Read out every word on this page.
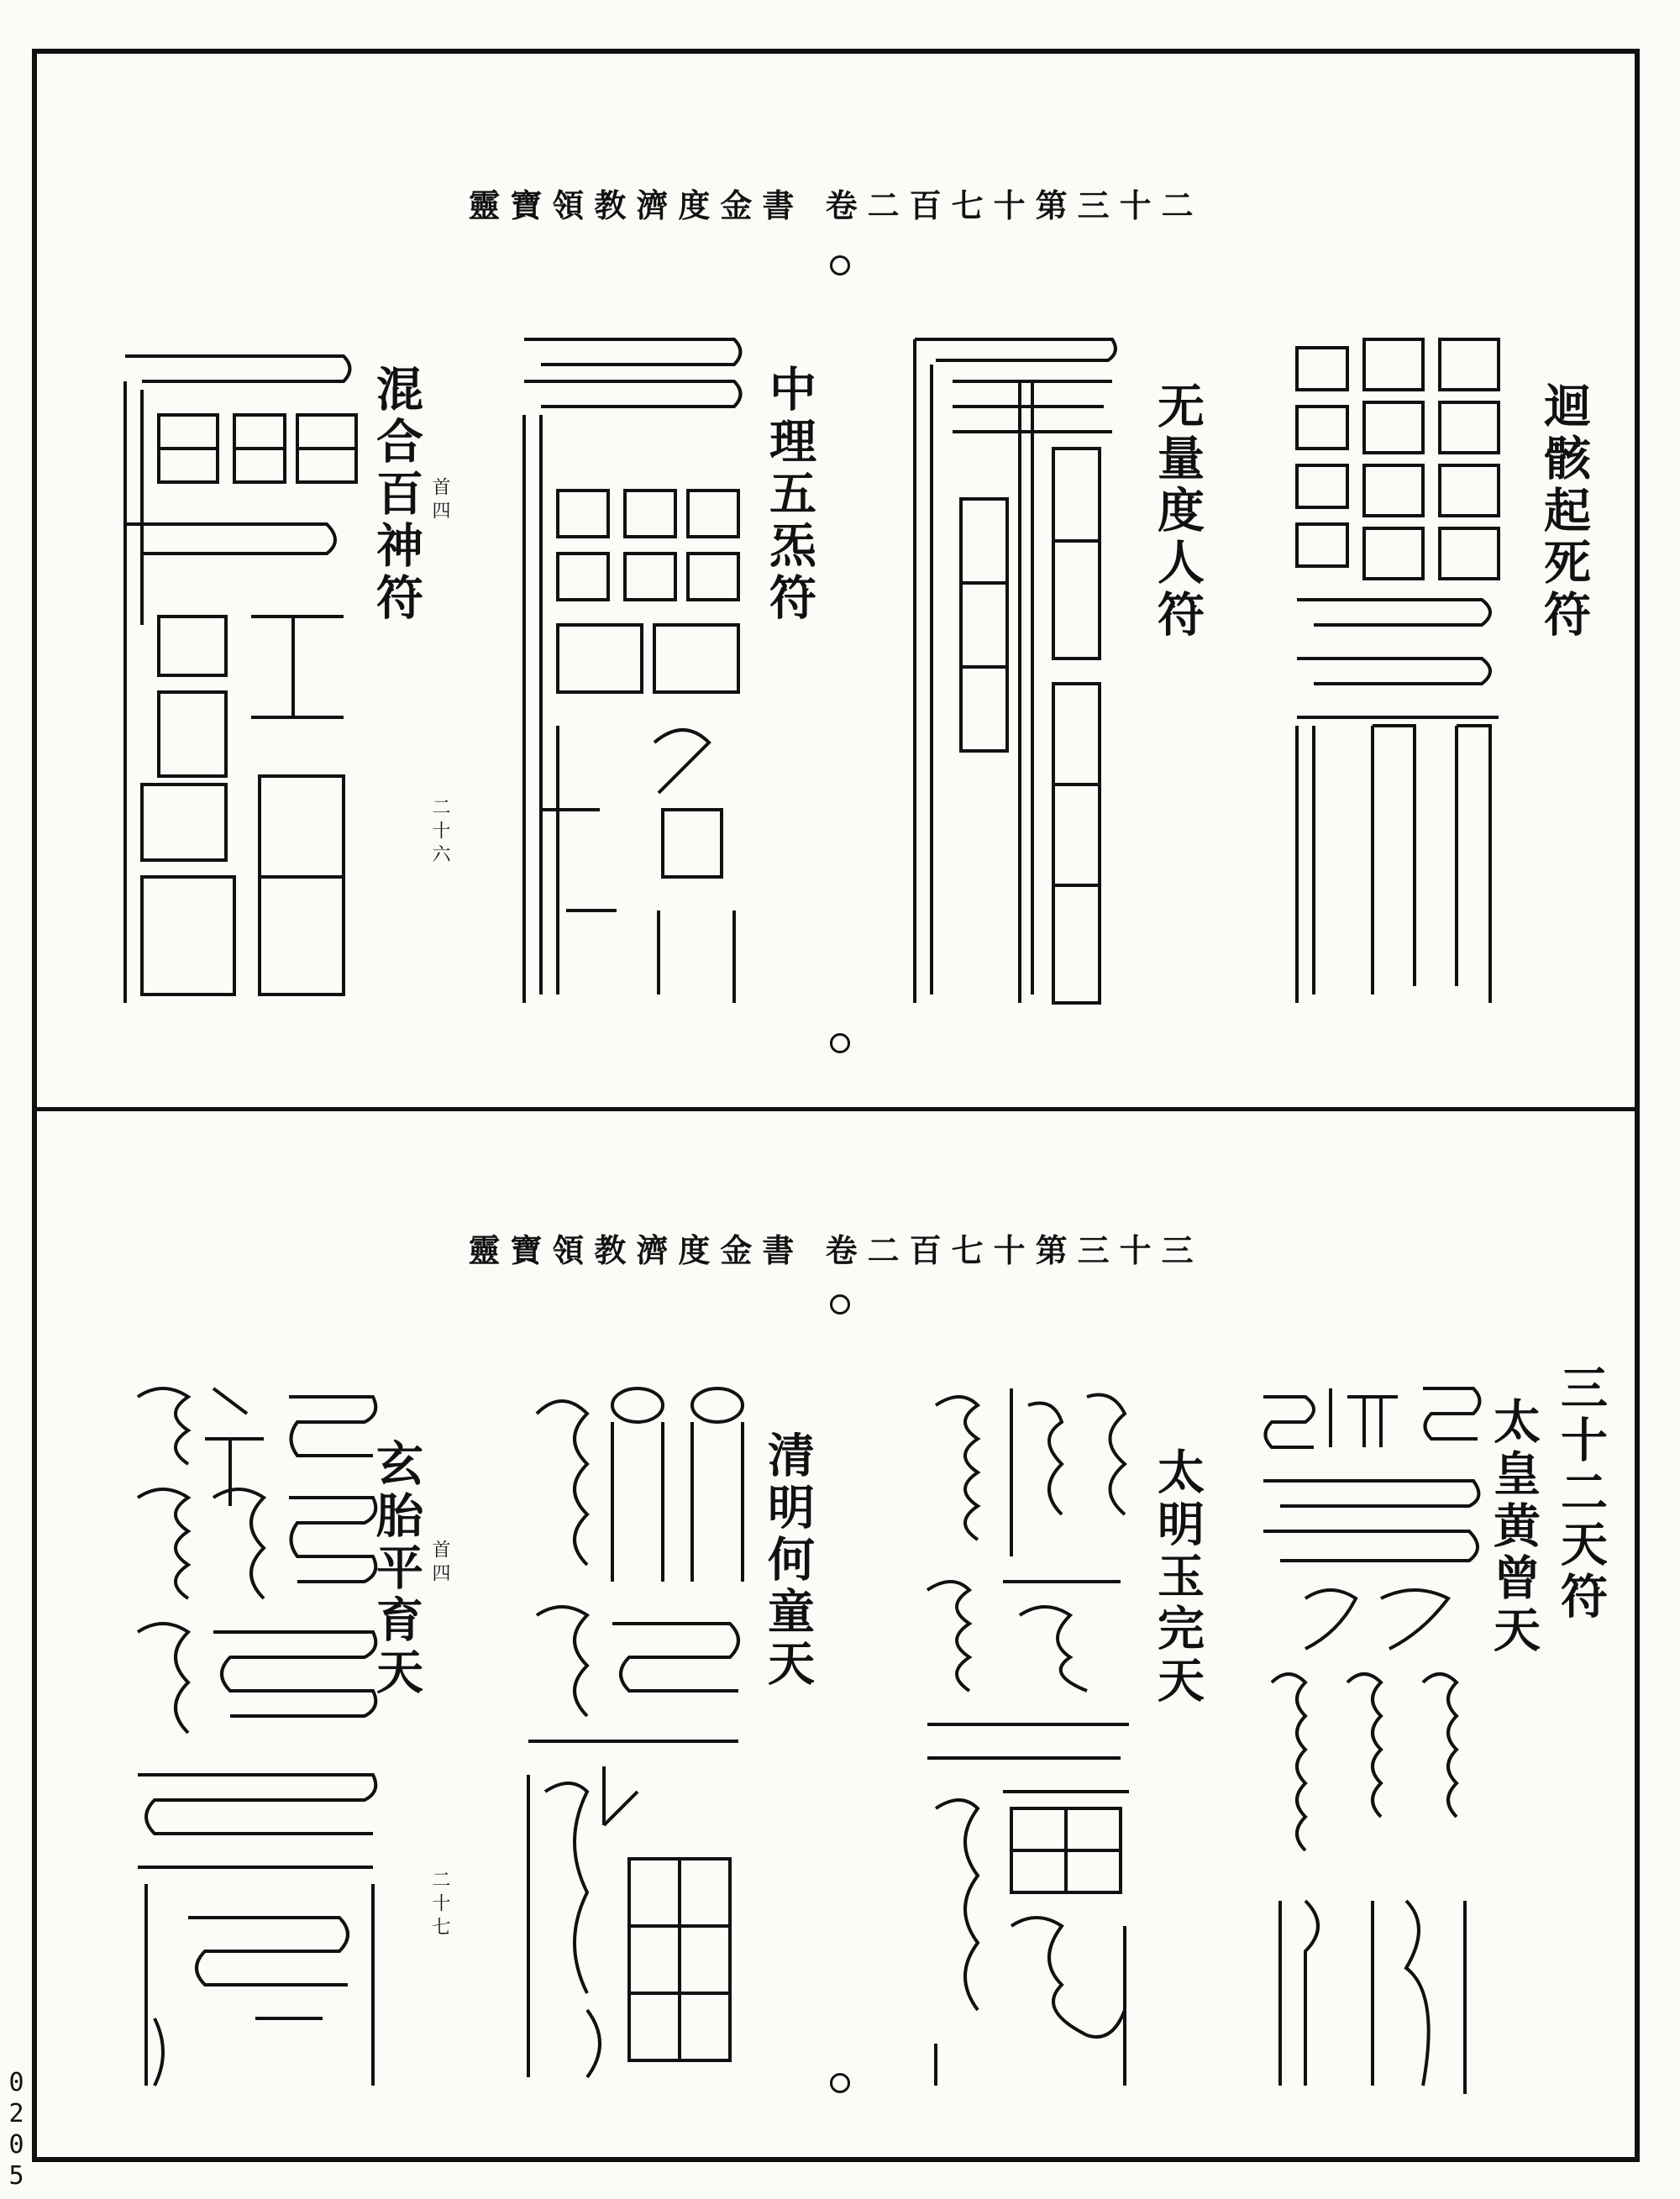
靈寶領教濟度金書 卷二百七十第三十二
迴骸起死符
无量度人符
中理五炁符
混合百神符 首四
二十六
靈寶領教濟度金書 卷二百七十第三十三
三十二天符
太皇黄曾天
太明玉完天
清明何童天
玄胎平育天 首四
二十七
0205
